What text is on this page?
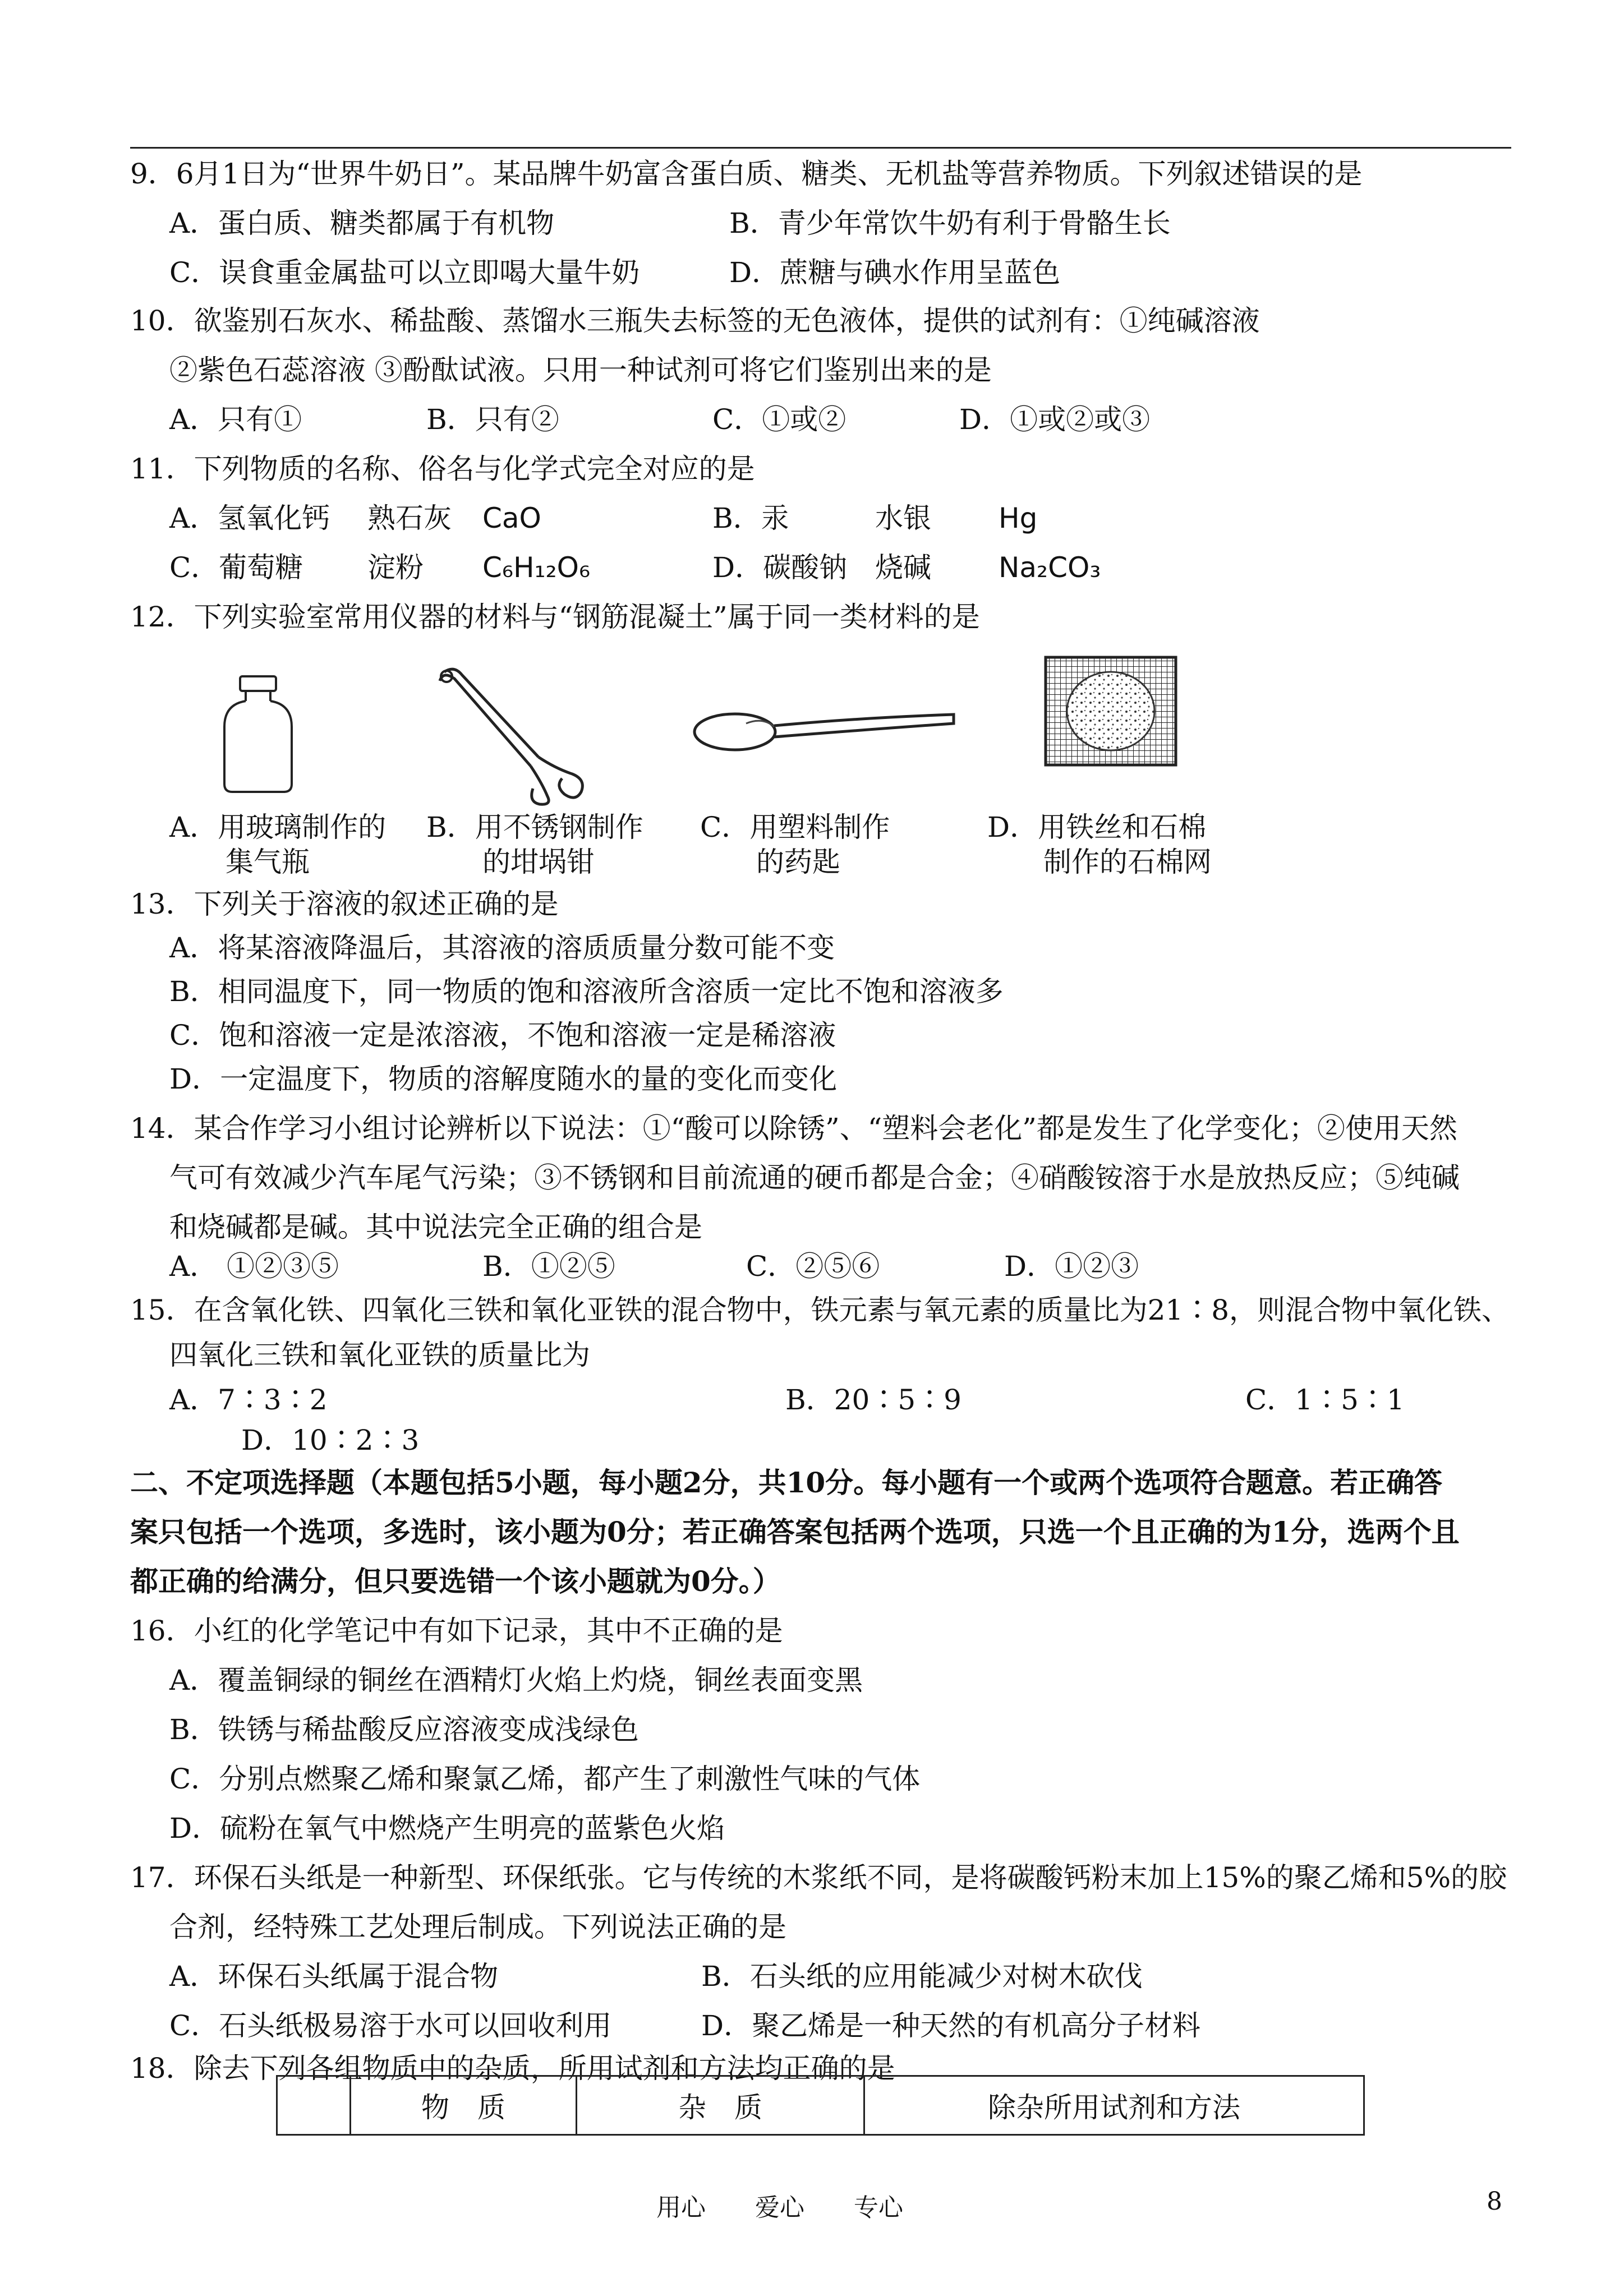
9．6月1日为“世界牛奶日”。某品牌牛奶富含蛋白质、糖类、无机盐等营养物质。下列叙述错误的是
A．蛋白质、糖类都属于有机物	B．青少年常饮牛奶有利于骨骼生长
C．误食重金属盐可以立即喝大量牛奶	D．蔗糖与碘水作用呈蓝色
10．欲鉴别石灰水、稀盐酸、蒸馏水三瓶失去标签的无色液体，提供的试剂有：①纯碱溶液
②紫色石蕊溶液 ③酚酞试液。只用一种试剂可将它们鉴别出来的是
A．只有①	B．只有②	C．①或②	D．①或②或③
11．下列物质的名称、俗名与化学式完全对应的是
A．氢氧化钙 熟石灰 CaO	B．汞	水银 Hg
C．葡萄糖 淀粉 C₆H₁₂O₆	D．碳酸钠 烧碱 Na₂CO₃
12．下列实验室常用仪器的材料与“钢筋混凝土”属于同一类材料的是
A．用玻璃制作的
集气瓶
B．用不锈钢制作
的坩埚钳
C．用塑料制作
的药匙
D．用铁丝和石棉
制作的石棉网
13．下列关于溶液的叙述正确的是
A．将某溶液降温后，其溶液的溶质质量分数可能不变
B．相同温度下，同一物质的饱和溶液所含溶质一定比不饱和溶液多
C．饱和溶液一定是浓溶液，不饱和溶液一定是稀溶液
D．一定温度下，物质的溶解度随水的量的变化而变化
14．某合作学习小组讨论辨析以下说法：①“酸可以除锈”、“塑料会老化”都是发生了化学变化；②使用天然
气可有效减少汽车尾气污染；③不锈钢和目前流通的硬币都是合金；④硝酸铵溶于水是放热反应；⑤纯碱
和烧碱都是碱。其中说法完全正确的组合是
A． ①②③⑤	B．①②⑤	C．②⑤⑥	D．①②③
15．在含氧化铁、四氧化三铁和氧化亚铁的混合物中，铁元素与氧元素的质量比为21∶8，则混合物中氧化铁、
四氧化三铁和氧化亚铁的质量比为
A．7∶3∶2	B．20∶5∶9	C．1∶5∶1
D．10∶2∶3
二、不定项选择题（本题包括5小题，每小题2分，共10分。每小题有一个或两个选项符合题意。若正确答
案只包括一个选项，多选时，该小题为0分；若正确答案包括两个选项，只选一个且正确的为1分，选两个且
都正确的给满分，但只要选错一个该小题就为0分。）
16．小红的化学笔记中有如下记录，其中不正确的是
A．覆盖铜绿的铜丝在酒精灯火焰上灼烧，铜丝表面变黑
B．铁锈与稀盐酸反应溶液变成浅绿色
C．分别点燃聚乙烯和聚氯乙烯，都产生了刺激性气味的气体
D．硫粉在氧气中燃烧产生明亮的蓝紫色火焰
17．环保石头纸是一种新型、环保纸张。它与传统的木浆纸不同，是将碳酸钙粉末加上15%的聚乙烯和5%的胶
合剂，经特殊工艺处理后制成。下列说法正确的是
A．环保石头纸属于混合物	B．石头纸的应用能减少对树木砍伐
C．石头纸极易溶于水可以回收利用	D．聚乙烯是一种天然的有机高分子材料
18．除去下列各组物质中的杂质，所用试剂和方法均正确的是
	物　质	杂　质	除杂所用试剂和方法
用心　　爱心　　专心	8
